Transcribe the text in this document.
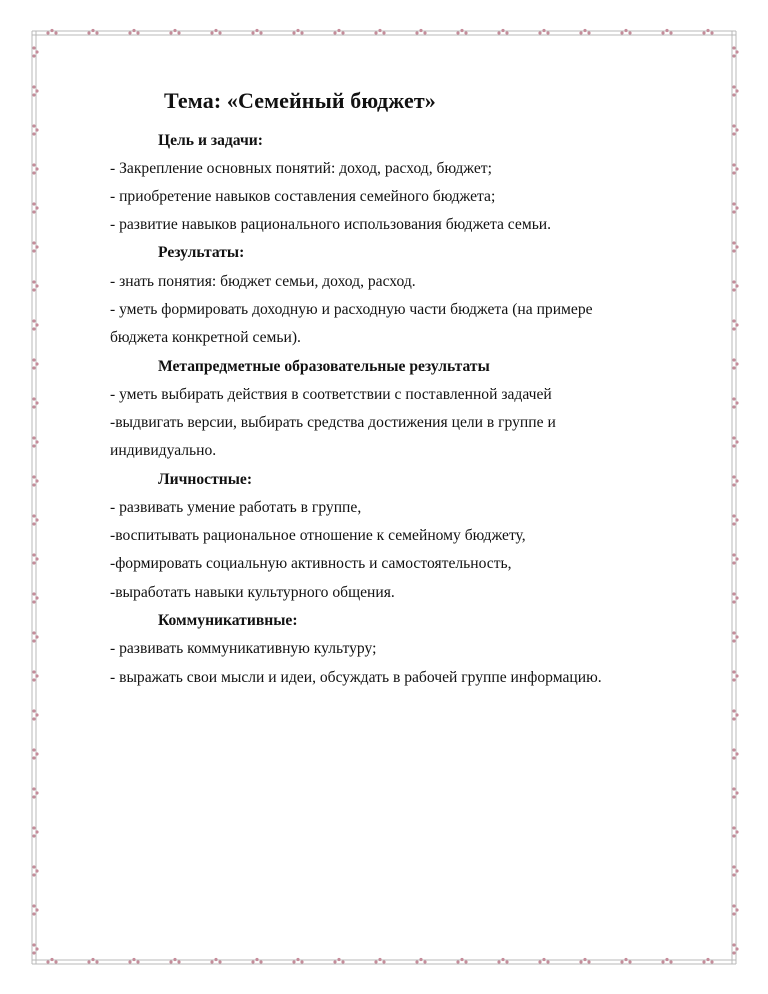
Тема: «Семейный бюджет»

Цель и задачи:

- Закрепление основных понятий: доход, расход, бюджет;

- приобретение навыков составления семейного бюджета;

- развитие навыков рационального использования бюджета семьи.

Результаты:

- знать понятия: бюджет семьи, доход, расход.

- уметь формировать доходную и расходную части бюджета (на примере

бюджета конкретной семьи).

Метапредметные образовательные результаты

- уметь выбирать действия в соответствии с поставленной задачей

-выдвигать версии, выбирать средства достижения цели в группе и

индивидуально.

Личностные:

- развивать умение работать в группе,

-воспитывать рациональное отношение к семейному бюджету,

-формировать социальную активность и самостоятельность,

-выработать навыки культурного общения.

Коммуникативные:

- развивать коммуникативную культуру;

- выражать свои мысли и идеи, обсуждать в рабочей группе информацию.
